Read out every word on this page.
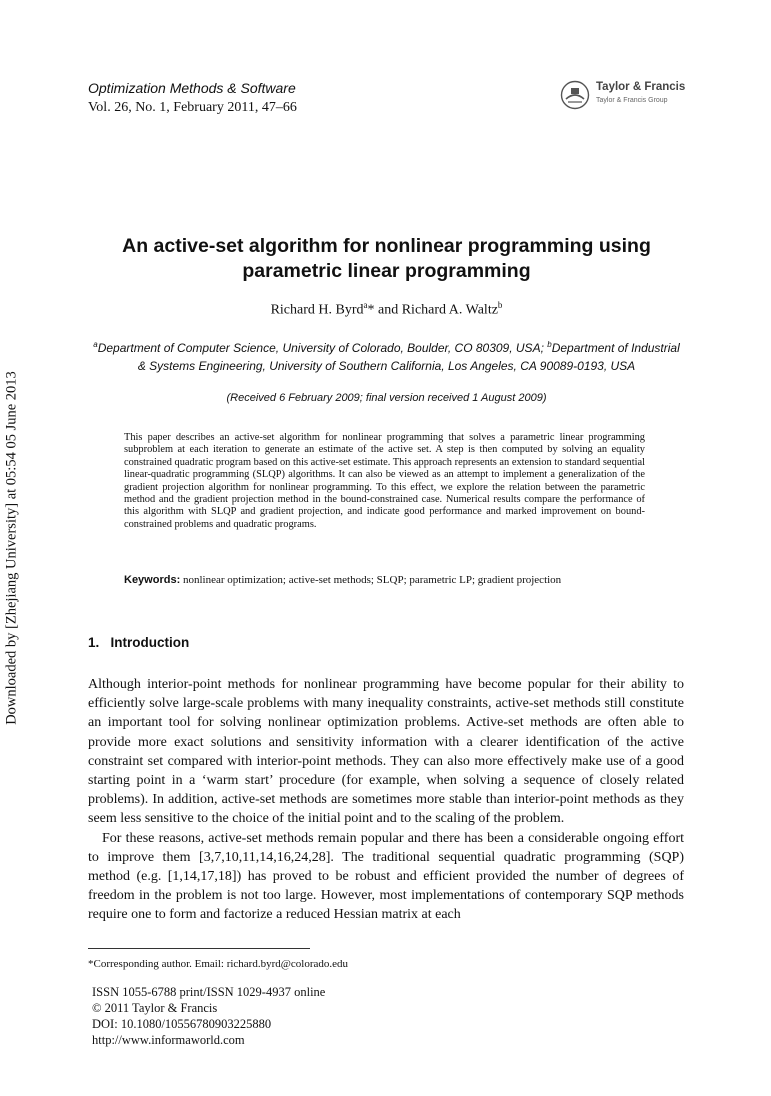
Downloaded by [Zhejiang University] at 05:54 05 June 2013
Optimization Methods & Software
Vol. 26, No. 1, February 2011, 47–66
Taylor & Francis
Taylor & Francis Group
An active-set algorithm for nonlinear programming using parametric linear programming
Richard H. Byrd$^a$* and Richard A. Waltz$^b$
$^a$Department of Computer Science, University of Colorado, Boulder, CO 80309, USA; $^b$Department of Industrial & Systems Engineering, University of Southern California, Los Angeles, CA 90089-0193, USA
(Received 6 February 2009; final version received 1 August 2009)
This paper describes an active-set algorithm for nonlinear programming that solves a parametric linear programming subproblem at each iteration to generate an estimate of the active set. A step is then computed by solving an equality constrained quadratic program based on this active-set estimate. This approach represents an extension to standard sequential linear-quadratic programming (SLQP) algorithms. It can also be viewed as an attempt to implement a generalization of the gradient projection algorithm for nonlinear programming. To this effect, we explore the relation between the parametric method and the gradient projection method in the bound-constrained case. Numerical results compare the performance of this algorithm with SLQP and gradient projection, and indicate good performance and marked improvement on bound-constrained problems and quadratic programs.
Keywords: nonlinear optimization; active-set methods; SLQP; parametric LP; gradient projection
1. Introduction

Although interior-point methods for nonlinear programming have become popular for their ability to efficiently solve large-scale problems with many inequality constraints, active-set methods still constitute an important tool for solving nonlinear optimization problems. Active-set methods are often able to provide more exact solutions and sensitivity information with a clearer identification of the active constraint set compared with interior-point methods. They can also more effectively make use of a good starting point in a ‘warm start’ procedure (for example, when solving a sequence of closely related problems). In addition, active-set methods are sometimes more stable than interior-point methods as they seem less sensitive to the choice of the initial point and to the scaling of the problem.

For these reasons, active-set methods remain popular and there has been a considerable ongoing effort to improve them [3,7,10,11,14,16,24,28]. The traditional sequential quadratic programming (SQP) method (e.g. [1,14,17,18]) has proved to be robust and efficient provided the number of degrees of freedom in the problem is not too large. However, most implementations of contemporary SQP methods require one to form and factorize a reduced Hessian matrix at each

*Corresponding author. Email: richard.byrd@colorado.edu
ISSN 1055-6788 print/ISSN 1029-4937 online
© 2011 Taylor & Francis
DOI: 10.1080/10556780903225880
http://www.informaworld.com
